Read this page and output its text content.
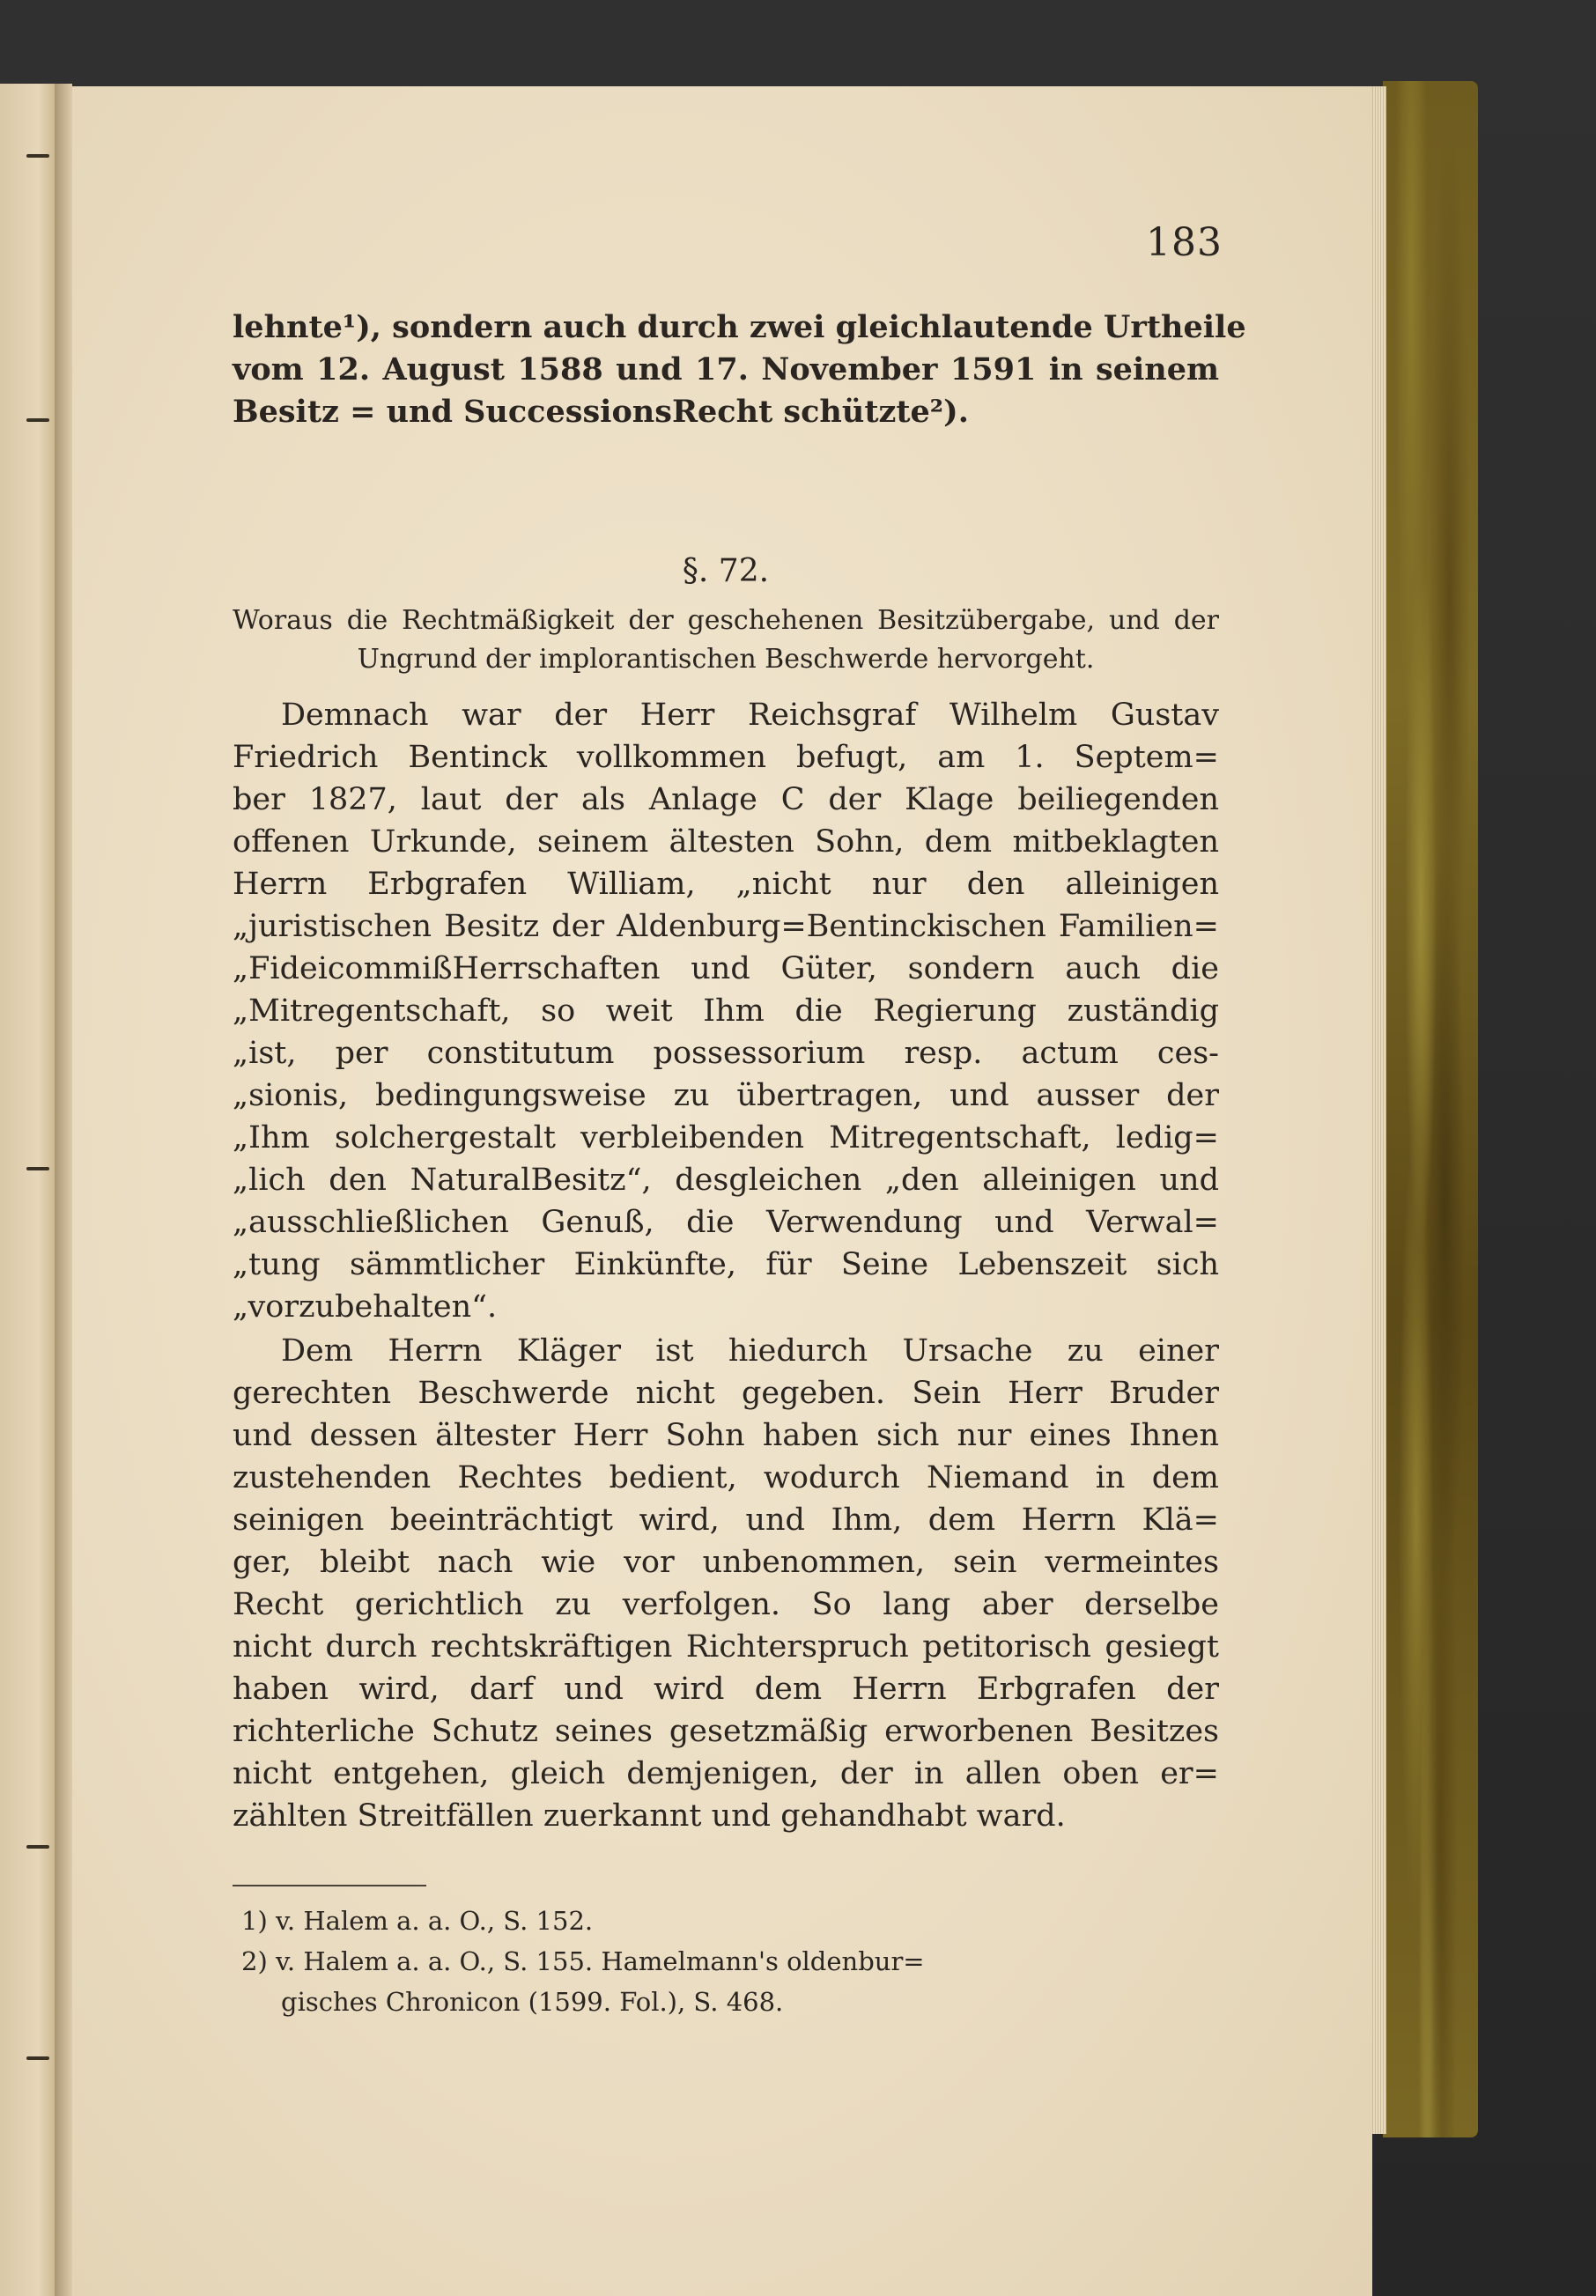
183
lehnte¹), sondern auch durch zwei gleichlautende Urtheile
vom 12. August 1588 und 17. November 1591 in seinem
Besitz = und SuccessionsRecht schützte²).
§. 72.
Woraus die Rechtmäßigkeit der geschehenen Besitzübergabe, und der
Ungrund der implorantischen Beschwerde hervorgeht.
Demnach war der Herr Reichsgraf Wilhelm Gustav
Friedrich Bentinck vollkommen befugt, am 1. Septem=
ber 1827, laut der als Anlage C der Klage beiliegenden
offenen Urkunde, seinem ältesten Sohn, dem mitbeklagten
Herrn Erbgrafen William, „nicht nur den alleinigen
„juristischen Besitz der Aldenburg=Bentinckischen Familien=
„FideicommißHerrschaften und Güter, sondern auch die
„Mitregentschaft, so weit Ihm die Regierung zuständig
„ist, per constitutum possessorium resp. actum ces-
„sionis, bedingungsweise zu übertragen, und ausser der
„Ihm solchergestalt verbleibenden Mitregentschaft, ledig=
„lich den NaturalBesitz“, desgleichen „den alleinigen und
„ausschließlichen Genuß, die Verwendung und Verwal=
„tung sämmtlicher Einkünfte, für Seine Lebenszeit sich
„vorzubehalten“.
Dem Herrn Kläger ist hiedurch Ursache zu einer
gerechten Beschwerde nicht gegeben. Sein Herr Bruder
und dessen ältester Herr Sohn haben sich nur eines Ihnen
zustehenden Rechtes bedient, wodurch Niemand in dem
seinigen beeinträchtigt wird, und Ihm, dem Herrn Klä=
ger, bleibt nach wie vor unbenommen, sein vermeintes
Recht gerichtlich zu verfolgen. So lang aber derselbe
nicht durch rechtskräftigen Richterspruch petitorisch gesiegt
haben wird, darf und wird dem Herrn Erbgrafen der
richterliche Schutz seines gesetzmäßig erworbenen Besitzes
nicht entgehen, gleich demjenigen, der in allen oben er=
zählten Streitfällen zuerkannt und gehandhabt ward.
1) v. Halem a. a. O., S. 152.
2) v. Halem a. a. O., S. 155. Hamelmann's oldenbur=
gisches Chronicon (1599. Fol.), S. 468.
